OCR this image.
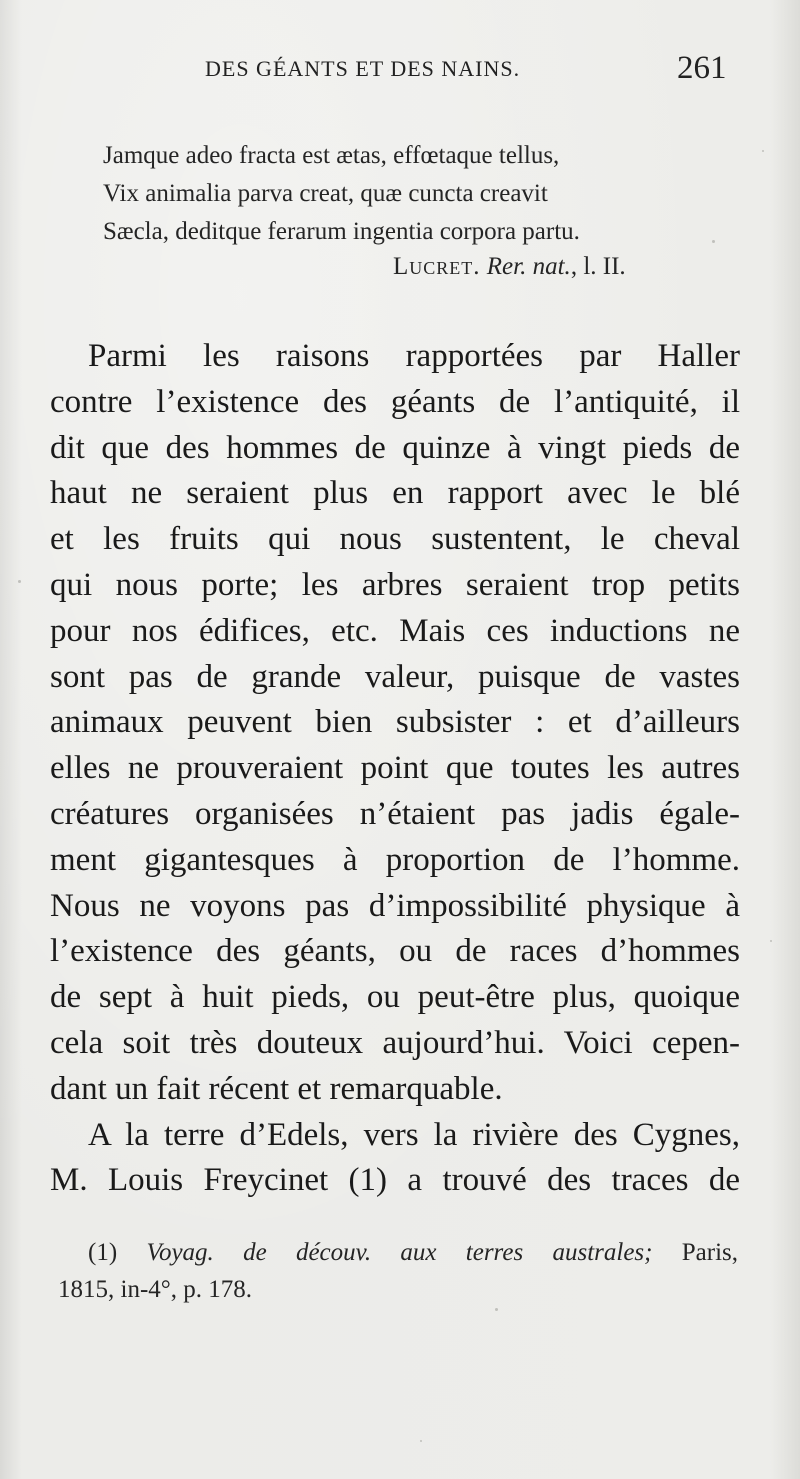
DES GÉANTS ET DES NAINS.	261
Jamque adeo fracta est ætas, effœtaque tellus,
Vix animalia parva creat, quæ cuncta creavit
Sæcla, deditque ferarum ingentia corpora partu.
Lucret. Rer. nat., l. II.
Parmi les raisons rapportées par Haller
contre l’existence des géants de l’antiquité, il
dit que des hommes de quinze à vingt pieds de
haut ne seraient plus en rapport avec le blé
et les fruits qui nous sustentent, le cheval
qui nous porte; les arbres seraient trop petits
pour nos édifices, etc. Mais ces inductions ne
sont pas de grande valeur, puisque de vastes
animaux peuvent bien subsister : et d’ailleurs
elles ne prouveraient point que toutes les autres
créatures organisées n’étaient pas jadis égale-
ment gigantesques à proportion de l’homme.
Nous ne voyons pas d’impossibilité physique à
l’existence des géants, ou de races d’hommes
de sept à huit pieds, ou peut-être plus, quoique
cela soit très douteux aujourd’hui. Voici cepen-
dant un fait récent et remarquable.
A la terre d’Edels, vers la rivière des Cygnes,
M. Louis Freycinet (1) a trouvé des traces de
(1) Voyag. de découv. aux terres australes; Paris,
1815, in-4°, p. 178.
